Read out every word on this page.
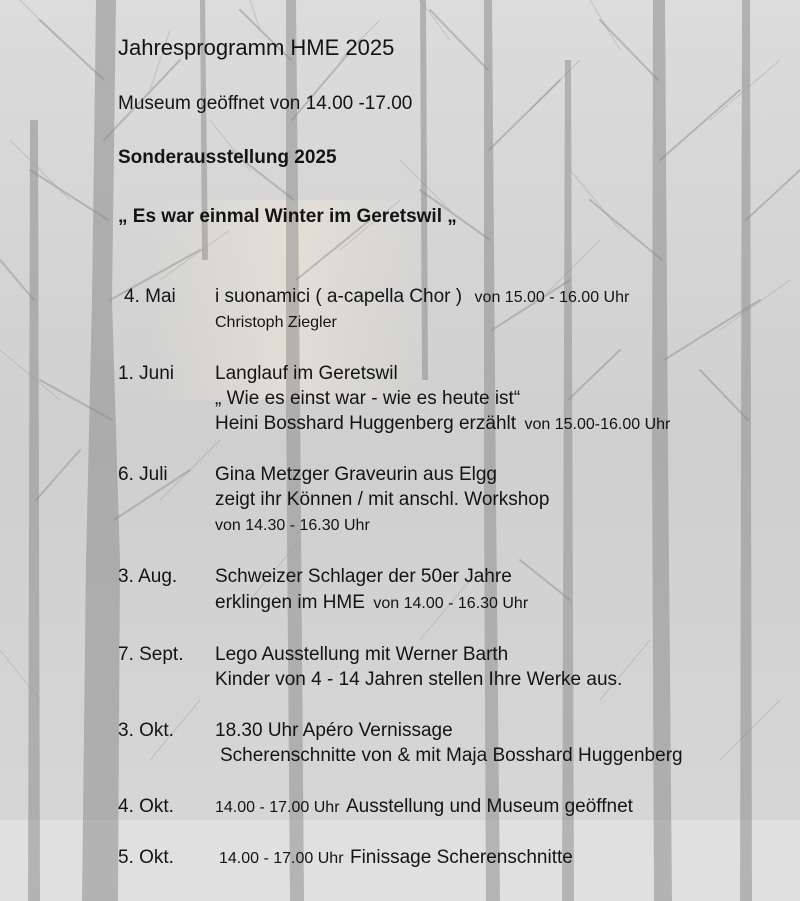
Jahresprogramm HME 2025
Museum geöffnet von 14.00 -17.00
Sonderausstellung 2025
„ Es war einmal Winter im Geretswil „
4. Mai i suonamici ( a-capella Chor ) von 15.00 - 16.00 Uhr
Christoph Ziegler
1. Juni Langlauf im Geretswil
„ Wie es einst war - wie es heute ist“
Heini Bosshard Huggenberg erzählt von 15.00-16.00 Uhr
6. Juli Gina Metzger Graveurin aus Elgg
zeigt ihr Können / mit anschl. Workshop
von 14.30 - 16.30 Uhr
3. Aug. Schweizer Schlager der 50er Jahre
erklingen im HME von 14.00 - 16.30 Uhr
7. Sept. Lego Ausstellung mit Werner Barth
Kinder von 4 - 14 Jahren stellen Ihre Werke aus.
3. Okt. 18.30 Uhr Apéro Vernissage
Scherenschnitte von & mit Maja Bosshard Huggenberg
4. Okt.	14.00 - 17.00 Uhr Ausstellung und Museum geöffnet
5. Okt.	14.00 - 17.00 Uhr Finissage Scherenschnitte
